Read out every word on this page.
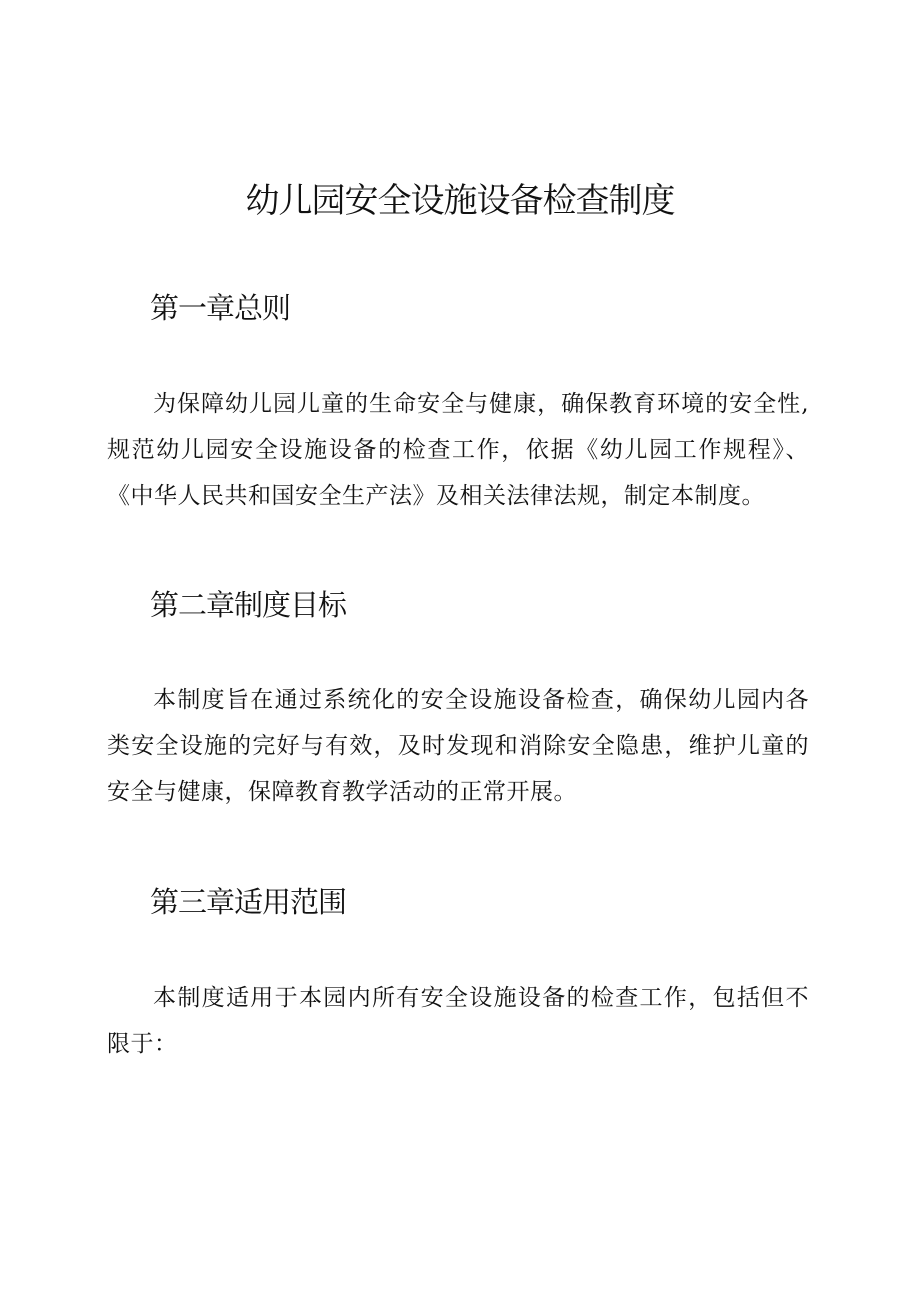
幼儿园安全设施设备检查制度
第一章总则

为保障幼儿园儿童的生命安全与健康，确保教育环境的安全性,规范幼儿园安全设施设备的检查工作，依据《幼儿园工作规程》、《中华人民共和国安全生产法》及相关法律法规，制定本制度。

第二章制度目标

本制度旨在通过系统化的安全设施设备检查，确保幼儿园内各类安全设施的完好与有效，及时发现和消除安全隐患，维护儿童的安全与健康，保障教育教学活动的正常开展。

第三章适用范围

本制度适用于本园内所有安全设施设备的检查工作，包括但不限于：
